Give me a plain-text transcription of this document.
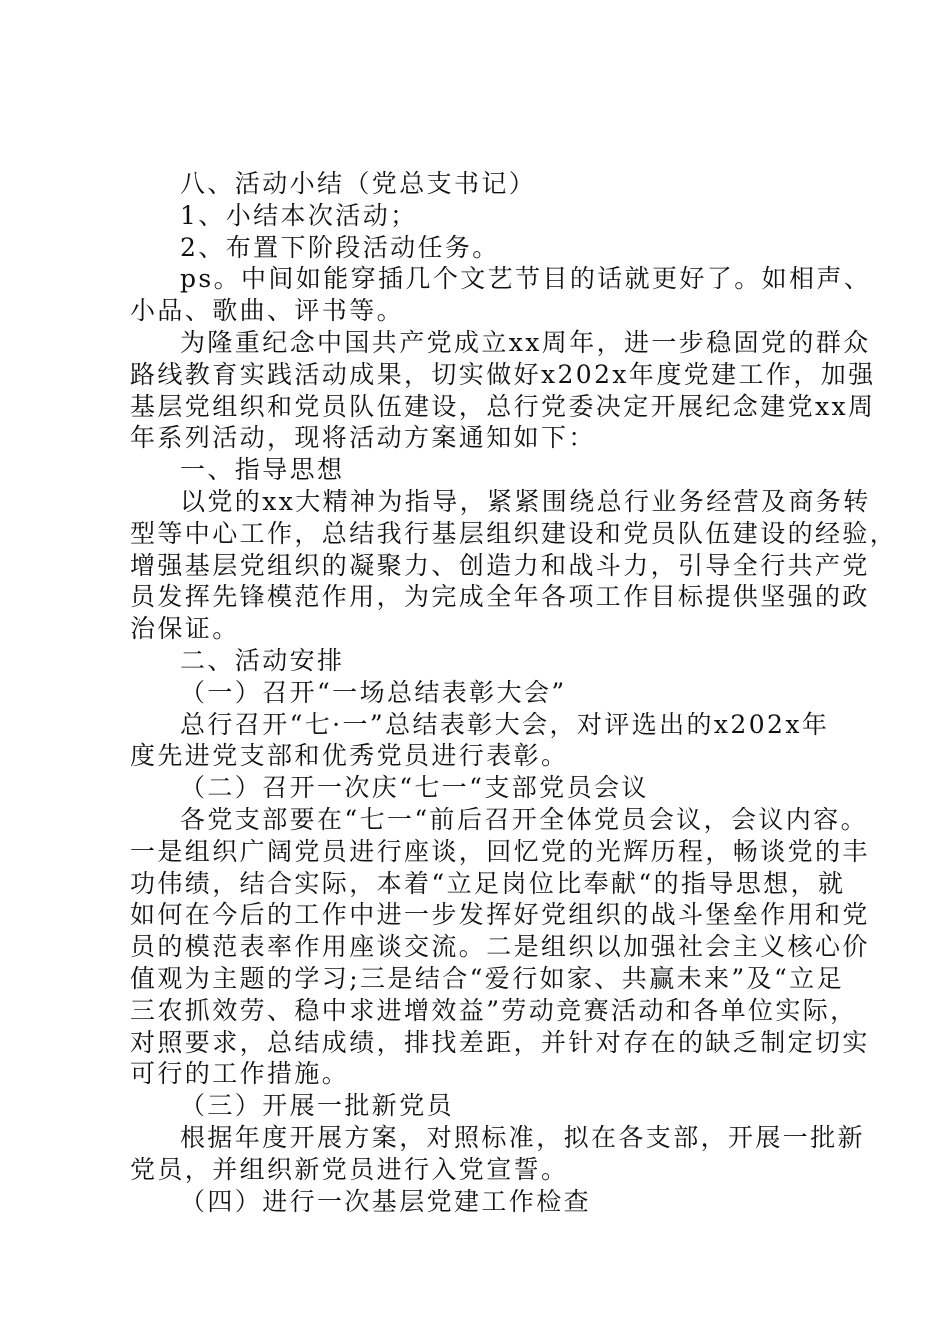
八、活动小结（党总支书记）
1、小结本次活动；
2、布置下阶段活动任务。
ps。中间如能穿插几个文艺节目的话就更好了。如相声、
小品、歌曲、评书等。
为隆重纪念中国共产党成立xx周年，进一步稳固党的群众
路线教育实践活动成果，切实做好x202x年度党建工作，加强
基层党组织和党员队伍建设，总行党委决定开展纪念建党xx周
年系列活动，现将活动方案通知如下：
一、指导思想
以党的xx大精神为指导，紧紧围绕总行业务经营及商务转
型等中心工作，总结我行基层组织建设和党员队伍建设的经验，
增强基层党组织的凝聚力、创造力和战斗力，引导全行共产党
员发挥先锋模范作用，为完成全年各项工作目标提供坚强的政
治保证。
二、活动安排
（一）召开“一场总结表彰大会”
总行召开“七·一”总结表彰大会，对评选出的x202x年
度先进党支部和优秀党员进行表彰。
（二）召开一次庆“七一“支部党员会议
各党支部要在“七一“前后召开全体党员会议，会议内容。
一是组织广阔党员进行座谈，回忆党的光辉历程，畅谈党的丰
功伟绩，结合实际，本着“立足岗位比奉献“的指导思想，就
如何在今后的工作中进一步发挥好党组织的战斗堡垒作用和党
员的模范表率作用座谈交流。二是组织以加强社会主义核心价
值观为主题的学习;三是结合“爱行如家、共赢未来”及“立足
三农抓效劳、稳中求进增效益”劳动竞赛活动和各单位实际，
对照要求，总结成绩，排找差距，并针对存在的缺乏制定切实
可行的工作措施。
（三）开展一批新党员
根据年度开展方案，对照标准，拟在各支部，开展一批新
党员，并组织新党员进行入党宣誓。
（四）进行一次基层党建工作检查
